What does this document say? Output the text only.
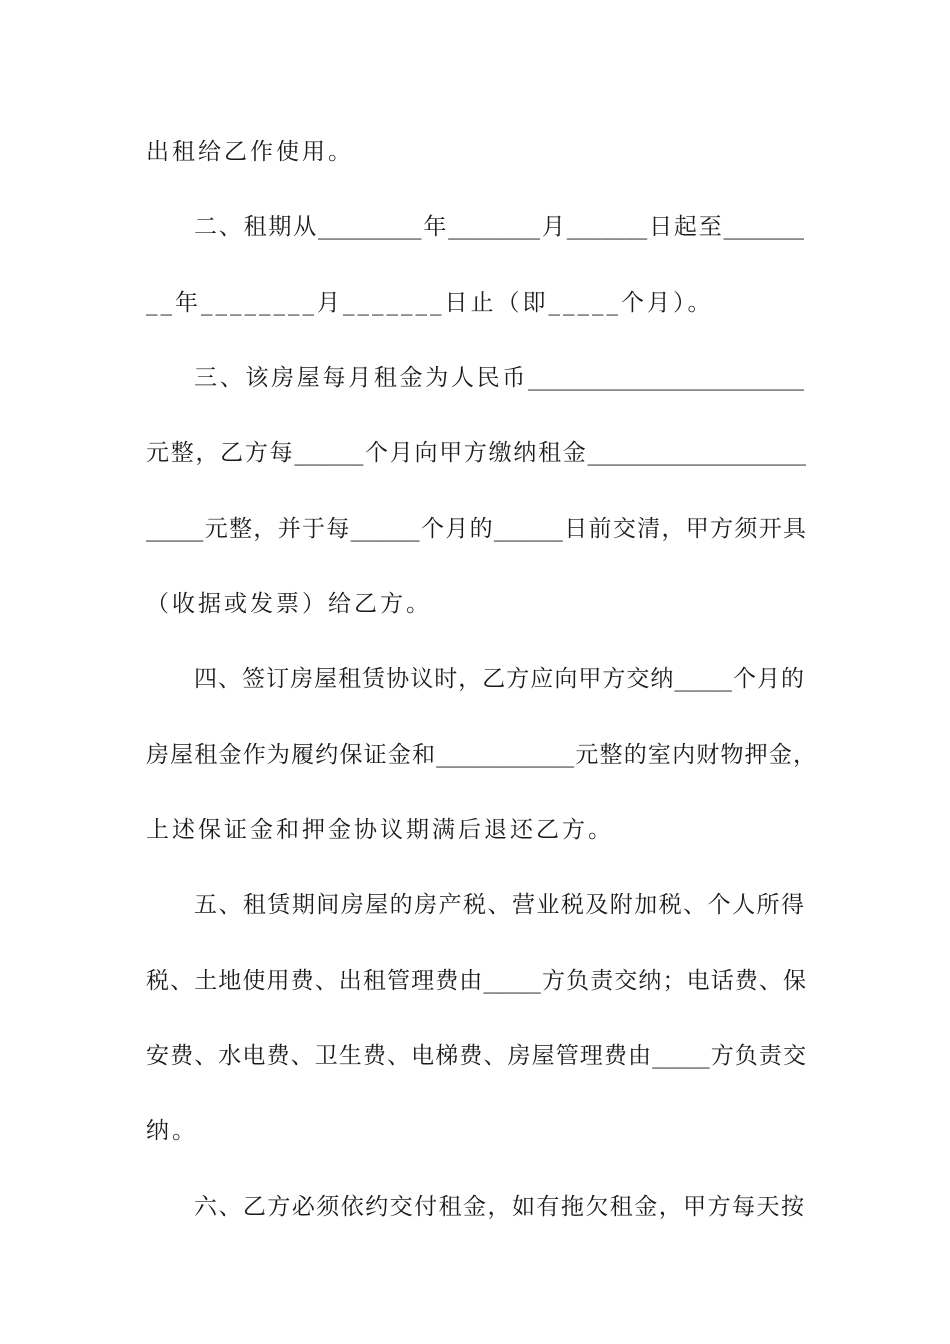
出租给乙作使用。
二、租期从_________年________月_______日起至_______
__年________月_______日止（即_____个月）。
三、该房屋每月租金为人民币________________________
元整，乙方每______个月向甲方缴纳租金___________________
_____元整，并于每______个月的______日前交清，甲方须开具
（收据或发票）给乙方。
四、签订房屋租赁协议时，乙方应向甲方交纳_____个月的
房屋租金作为履约保证金和____________元整的室内财物押金，
上述保证金和押金协议期满后退还乙方。
五、租赁期间房屋的房产税、营业税及附加税、个人所得
税、土地使用费、出租管理费由_____方负责交纳；电话费、保
安费、水电费、卫生费、电梯费、房屋管理费由_____方负责交
纳。
六、乙方必须依约交付租金，如有拖欠租金，甲方每天按
